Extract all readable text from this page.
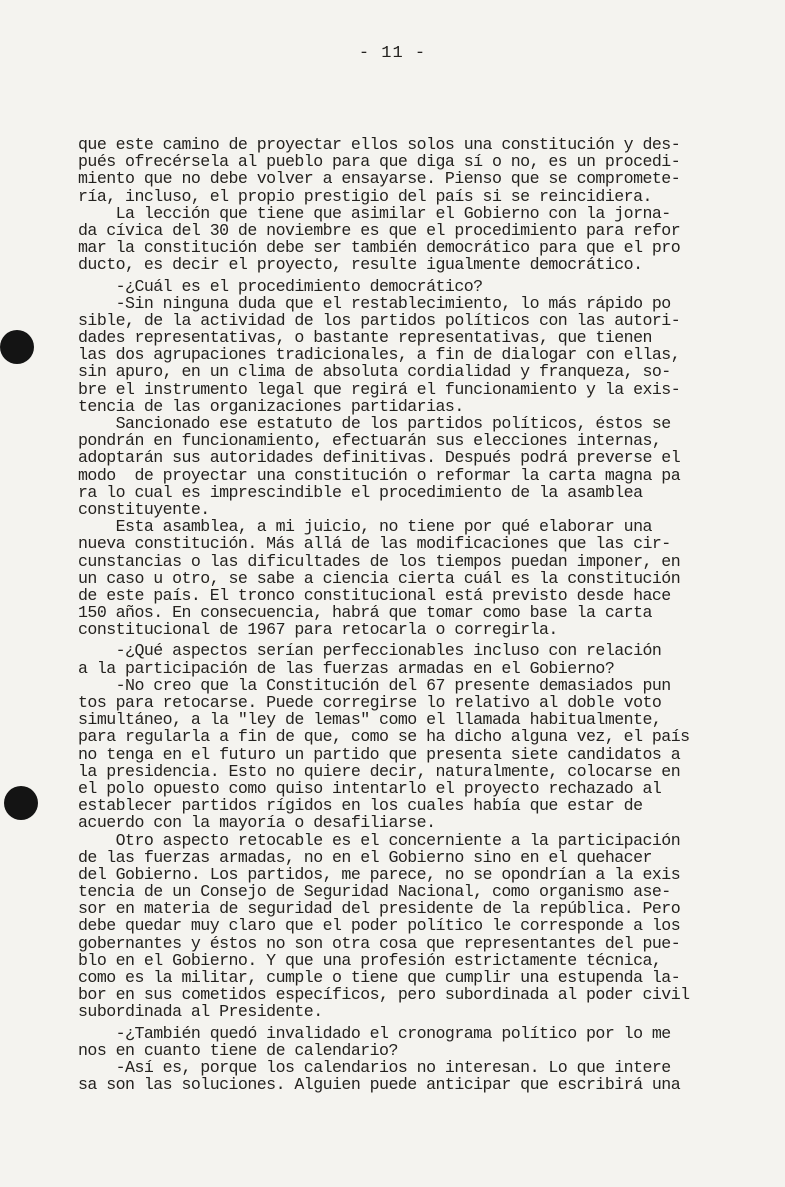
- 11 -
que este camino de proyectar ellos solos una constitución y des-
pués ofrecérsela al pueblo para que diga sí o no, es un procedi-
miento que no debe volver a ensayarse. Pienso que se compromete-
ría, incluso, el propio prestigio del país si se reincidiera.
La lección que tiene que asimilar el Gobierno con la jorna-
da cívica del 30 de noviembre es que el procedimiento para refor
mar la constitución debe ser también democrático para que el pro
ducto, es decir el proyecto, resulte igualmente democrático.
-¿Cuál es el procedimiento democrático?
-Sin ninguna duda que el restablecimiento, lo más rápido po
sible, de la actividad de los partidos políticos con las autori-
dades representativas, o bastante representativas, que tienen
las dos agrupaciones tradicionales, a fin de dialogar con ellas,
sin apuro, en un clima de absoluta cordialidad y franqueza, so-
bre el instrumento legal que regirá el funcionamiento y la exis-
tencia de las organizaciones partidarias.
Sancionado ese estatuto de los partidos políticos, éstos se
pondrán en funcionamiento, efectuarán sus elecciones internas,
adoptarán sus autoridades definitivas. Después podrá preverse el
modo  de proyectar una constitución o reformar la carta magna pa
ra lo cual es imprescindible el procedimiento de la asamblea
constituyente.
Esta asamblea, a mi juicio, no tiene por qué elaborar una
nueva constitución. Más allá de las modificaciones que las cir-
cunstancias o las dificultades de los tiempos puedan imponer, en
un caso u otro, se sabe a ciencia cierta cuál es la constitución
de este país. El tronco constitucional está previsto desde hace
150 años. En consecuencia, habrá que tomar como base la carta
constitucional de 1967 para retocarla o corregirla.
-¿Qué aspectos serían perfeccionables incluso con relación
a la participación de las fuerzas armadas en el Gobierno?
-No creo que la Constitución del 67 presente demasiados pun
tos para retocarse. Puede corregirse lo relativo al doble voto
simultáneo, a la "ley de lemas" como el llamada habitualmente,
para regularla a fin de que, como se ha dicho alguna vez, el país
no tenga en el futuro un partido que presenta siete candidatos a
la presidencia. Esto no quiere decir, naturalmente, colocarse en
el polo opuesto como quiso intentarlo el proyecto rechazado al
establecer partidos rígidos en los cuales había que estar de
acuerdo con la mayoría o desafiliarse.
Otro aspecto retocable es el concerniente a la participación
de las fuerzas armadas, no en el Gobierno sino en el quehacer
del Gobierno. Los partidos, me parece, no se opondrían a la exis
tencia de un Consejo de Seguridad Nacional, como organismo ase-
sor en materia de seguridad del presidente de la república. Pero
debe quedar muy claro que el poder político le corresponde a los
gobernantes y éstos no son otra cosa que representantes del pue-
blo en el Gobierno. Y que una profesión estrictamente técnica,
como es la militar, cumple o tiene que cumplir una estupenda la-
bor en sus cometidos específicos, pero subordinada al poder civil
subordinada al Presidente.
-¿También quedó invalidado el cronograma político por lo me
nos en cuanto tiene de calendario?
-Así es, porque los calendarios no interesan. Lo que intere
sa son las soluciones. Alguien puede anticipar que escribirá una
